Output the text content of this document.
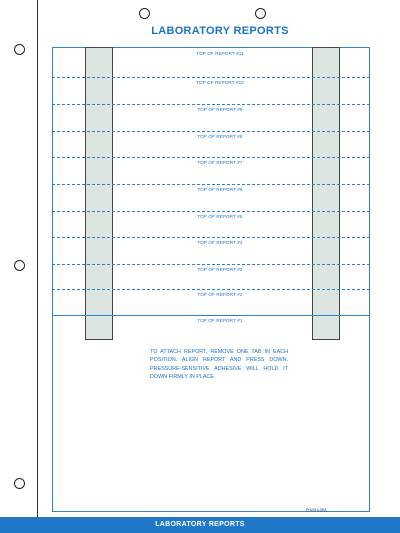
LABORATORY REPORTS
TOP OF REPORT #11
TOP OF REPORT #10
TOP OF REPORT #9
TOP OF REPORT #8
TOP OF REPORT #7
TOP OF REPORT #6
TOP OF REPORT #5
TOP OF REPORT #4
TOP OF REPORT #3
TOP OF REPORT #2
TOP OF REPORT #1
TO ATTACH REPORT, REMOVE ONE TAB IN EACH POSITION. ALIGN REPORT AND PRESS DOWN. PRESSURE-SENSITIVE ADHESIVE WILL HOLD IT DOWN FIRMLY IN PLACE.
PH2010-0RA
LABORATORY REPORTS
